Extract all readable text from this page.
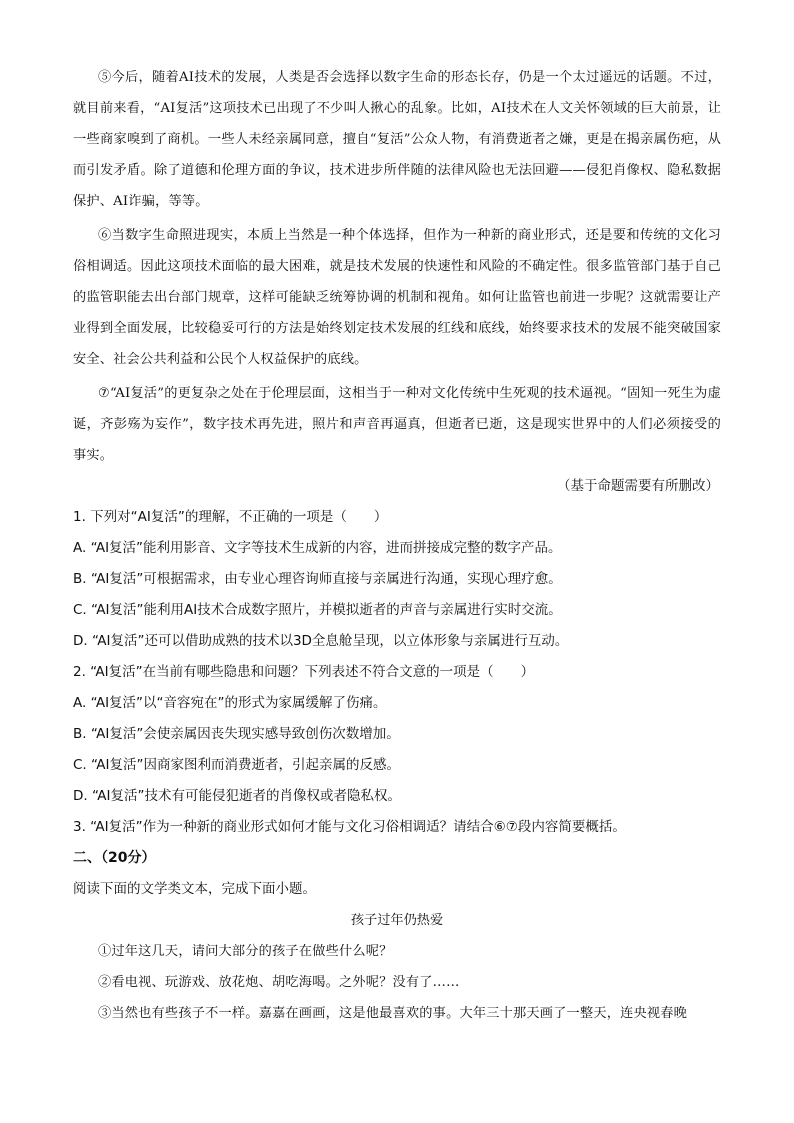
⑤今后，随着AI技术的发展，人类是否会选择以数字生命的形态长存，仍是一个太过遥远的话题。不过，就目前来看，“AI复活”这项技术已出现了不少叫人揪心的乱象。比如，AI技术在人文关怀领域的巨大前景，让一些商家嗅到了商机。一些人未经亲属同意，擅自“复活”公众人物，有消费逝者之嫌，更是在揭亲属伤疤，从而引发矛盾。除了道德和伦理方面的争议，技术进步所伴随的法律风险也无法回避——侵犯肖像权、隐私数据保护、AI诈骗，等等。

⑥当数字生命照进现实，本质上当然是一种个体选择，但作为一种新的商业形式，还是要和传统的文化习俗相调适。因此这项技术面临的最大困难，就是技术发展的快速性和风险的不确定性。很多监管部门基于自己的监管职能去出台部门规章，这样可能缺乏统筹协调的机制和视角。如何让监管也前进一步呢？这就需要让产业得到全面发展，比较稳妥可行的方法是始终划定技术发展的红线和底线，始终要求技术的发展不能突破国家安全、社会公共利益和公民个人权益保护的底线。

⑦“AI复活”的更复杂之处在于伦理层面，这相当于一种对文化传统中生死观的技术逼视。“固知一死生为虚诞，齐彭殇为妄作”，数字技术再先进，照片和声音再逼真，但逝者已逝，这是现实世界中的人们必须接受的事实。

（基于命题需要有所删改）

1. 下列对“AI复活”的理解，不正确的一项是（　　）

A. “AI复活”能利用影音、文字等技术生成新的内容，进而拼接成完整的数字产品。

B. “AI复活”可根据需求，由专业心理咨询师直接与亲属进行沟通，实现心理疗愈。

C. “AI复活”能利用AI技术合成数字照片，并模拟逝者的声音与亲属进行实时交流。

D. “AI复活”还可以借助成熟的技术以3D全息舱呈现，以立体形象与亲属进行互动。

2. “AI复活”在当前有哪些隐患和问题？下列表述不符合文意的一项是（　　）

A. “AI复活”以“音容宛在”的形式为家属缓解了伤痛。

B. “AI复活”会使亲属因丧失现实感导致创伤次数增加。

C. “AI复活”因商家图利而消费逝者，引起亲属的反感。

D. “AI复活”技术有可能侵犯逝者的肖像权或者隐私权。

3. “AI复活”作为一种新的商业形式如何才能与文化习俗相调适？请结合⑥⑦段内容简要概括。

二、（20分）

阅读下面的文学类文本，完成下面小题。

孩子过年仍热爱

①过年这几天，请问大部分的孩子在做些什么呢？

②看电视、玩游戏、放花炮、胡吃海喝。之外呢？没有了……

③当然也有些孩子不一样。嘉嘉在画画，这是他最喜欢的事。大年三十那天画了一整天，连央视春晚
